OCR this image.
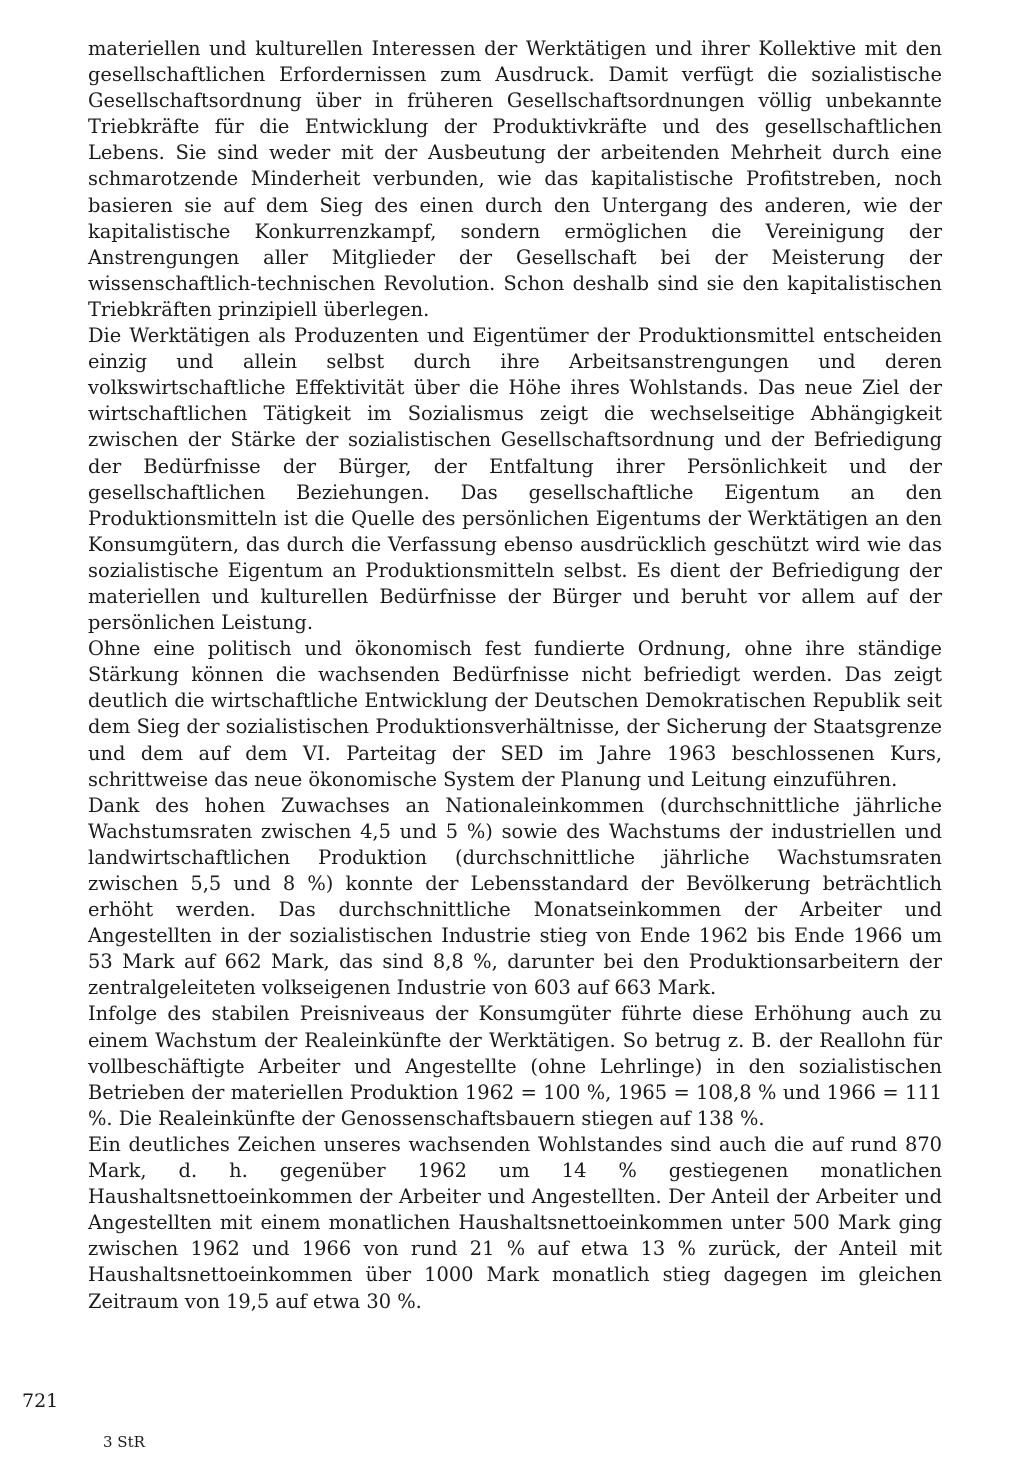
materiellen und kulturellen Interessen der Werktätigen und ihrer Kollektive mit den gesellschaftlichen Erfordernissen zum Ausdruck. Damit verfügt die sozialistische Gesellschaftsordnung über in früheren Gesellschaftsordnungen völlig unbekannte Triebkräfte für die Entwicklung der Produktivkräfte und des gesellschaftlichen Lebens. Sie sind weder mit der Ausbeutung der arbeitenden Mehrheit durch eine schmarotzende Minderheit verbunden, wie das kapitalistische Profitstreben, noch basieren sie auf dem Sieg des einen durch den Untergang des anderen, wie der kapitalistische Konkurrenzkampf, sondern ermöglichen die Vereinigung der Anstrengungen aller Mitglieder der Gesellschaft bei der Meisterung der wissenschaftlich-technischen Revolution. Schon deshalb sind sie den kapitalistischen Triebkräften prinzipiell überlegen.

Die Werktätigen als Produzenten und Eigentümer der Produktionsmittel entscheiden einzig und allein selbst durch ihre Arbeitsanstrengungen und deren volkswirtschaftliche Effektivität über die Höhe ihres Wohlstands. Das neue Ziel der wirtschaftlichen Tätigkeit im Sozialismus zeigt die wechselseitige Abhängigkeit zwischen der Stärke der sozialistischen Gesellschaftsordnung und der Befriedigung der Bedürfnisse der Bürger, der Entfaltung ihrer Persönlichkeit und der gesellschaftlichen Beziehungen. Das gesellschaftliche Eigentum an den Produktionsmitteln ist die Quelle des persönlichen Eigentums der Werktätigen an den Konsumgütern, das durch die Verfassung ebenso ausdrücklich geschützt wird wie das sozialistische Eigentum an Produktionsmitteln selbst. Es dient der Befriedigung der materiellen und kulturellen Bedürfnisse der Bürger und beruht vor allem auf der persönlichen Leistung.

Ohne eine politisch und ökonomisch fest fundierte Ordnung, ohne ihre ständige Stärkung können die wachsenden Bedürfnisse nicht befriedigt werden. Das zeigt deutlich die wirtschaftliche Entwicklung der Deutschen Demokratischen Republik seit dem Sieg der sozialistischen Produktionsverhältnisse, der Sicherung der Staatsgrenze und dem auf dem VI. Parteitag der SED im Jahre 1963 beschlossenen Kurs, schrittweise das neue ökonomische System der Planung und Leitung einzuführen.

Dank des hohen Zuwachses an Nationaleinkommen (durchschnittliche jährliche Wachstumsraten zwischen 4,5 und 5 %) sowie des Wachstums der industriellen und landwirtschaftlichen Produktion (durchschnittliche jährliche Wachstumsraten zwischen 5,5 und 8 %) konnte der Lebensstandard der Bevölkerung beträchtlich erhöht werden. Das durchschnittliche Monatseinkommen der Arbeiter und Angestellten in der sozialistischen Industrie stieg von Ende 1962 bis Ende 1966 um 53 Mark auf 662 Mark, das sind 8,8 %, darunter bei den Produktionsarbeitern der zentralgeleiteten volkseigenen Industrie von 603 auf 663 Mark.

Infolge des stabilen Preisniveaus der Konsumgüter führte diese Erhöhung auch zu einem Wachstum der Realeinkünfte der Werktätigen. So betrug z. B. der Reallohn für vollbeschäftigte Arbeiter und Angestellte (ohne Lehrlinge) in den sozialistischen Betrieben der materiellen Produktion 1962 = 100 %, 1965 = 108,8 % und 1966 = 111 %. Die Realeinkünfte der Genossenschaftsbauern stiegen auf 138 %.

Ein deutliches Zeichen unseres wachsenden Wohlstandes sind auch die auf rund 870 Mark, d. h. gegenüber 1962 um 14 % gestiegenen monatlichen Haushaltsnettoeinkommen der Arbeiter und Angestellten. Der Anteil der Arbeiter und Angestellten mit einem monatlichen Haushaltsnettoeinkommen unter 500 Mark ging zwischen 1962 und 1966 von rund 21 % auf etwa 13 % zurück, der Anteil mit Haushaltsnettoeinkommen über 1000 Mark monatlich stieg dagegen im gleichen Zeitraum von 19,5 auf etwa 30 %.

721
3 StR
